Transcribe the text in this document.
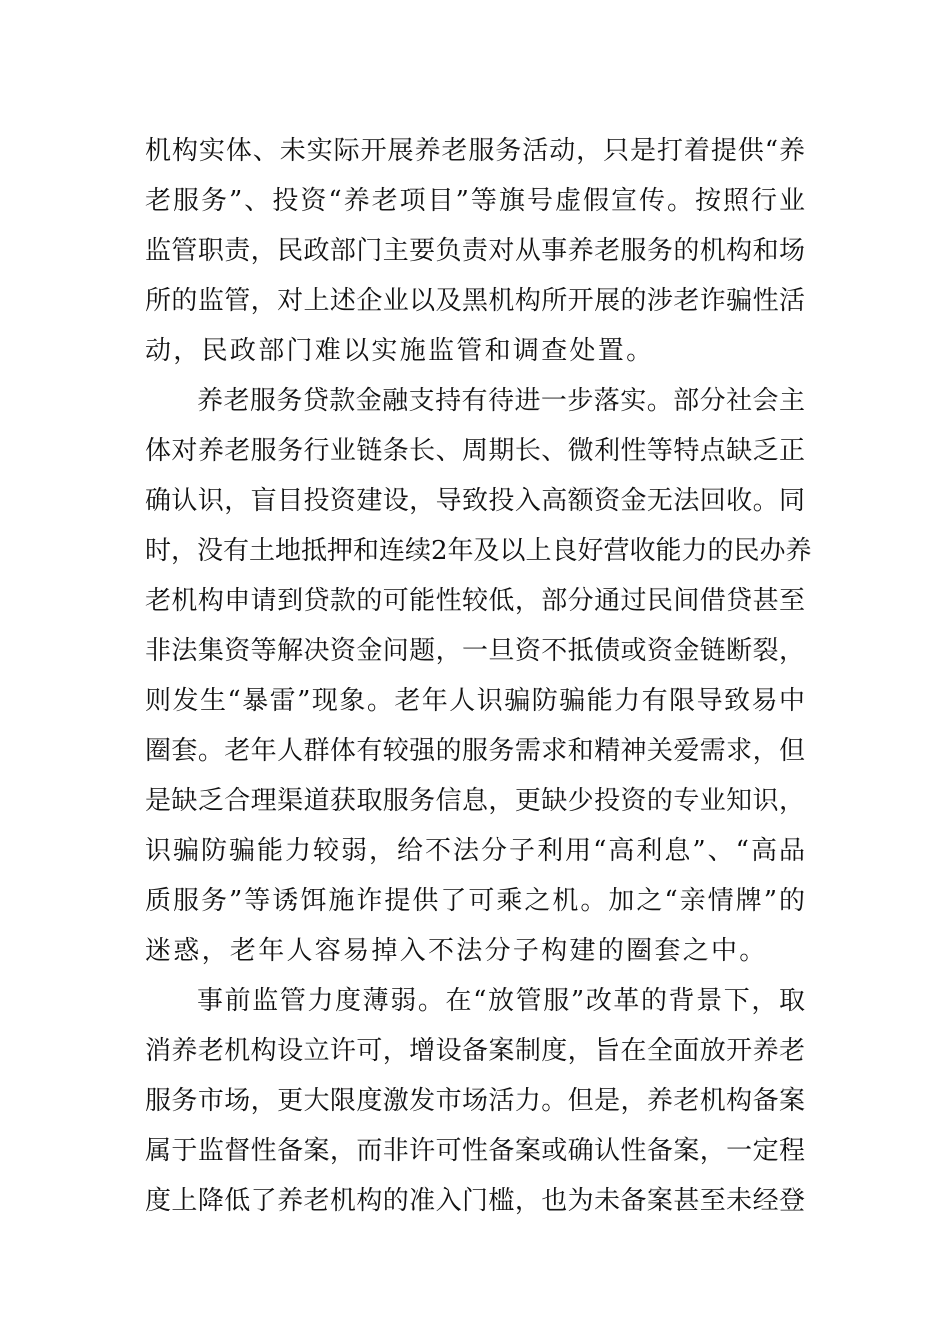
机构实体、未实际开展养老服务活动，只是打着提供“养
老服务”、投资“养老项目”等旗号虚假宣传。按照行业
监管职责，民政部门主要负责对从事养老服务的机构和场
所的监管，对上述企业以及黑机构所开展的涉老诈骗性活
动，民政部门难以实施监管和调查处置。
养老服务贷款金融支持有待进一步落实。部分社会主
体对养老服务行业链条长、周期长、微利性等特点缺乏正
确认识，盲目投资建设，导致投入高额资金无法回收。同
时，没有土地抵押和连续2年及以上良好营收能力的民办养
老机构申请到贷款的可能性较低，部分通过民间借贷甚至
非法集资等解决资金问题，一旦资不抵债或资金链断裂，
则发生“暴雷”现象。老年人识骗防骗能力有限导致易中
圈套。老年人群体有较强的服务需求和精神关爱需求，但
是缺乏合理渠道获取服务信息，更缺少投资的专业知识，
识骗防骗能力较弱，给不法分子利用“高利息”、“高品
质服务”等诱饵施诈提供了可乘之机。加之“亲情牌”的
迷惑，老年人容易掉入不法分子构建的圈套之中。
事前监管力度薄弱。在“放管服”改革的背景下，取
消养老机构设立许可，增设备案制度，旨在全面放开养老
服务市场，更大限度激发市场活力。但是，养老机构备案
属于监督性备案，而非许可性备案或确认性备案，一定程
度上降低了养老机构的准入门槛，也为未备案甚至未经登
